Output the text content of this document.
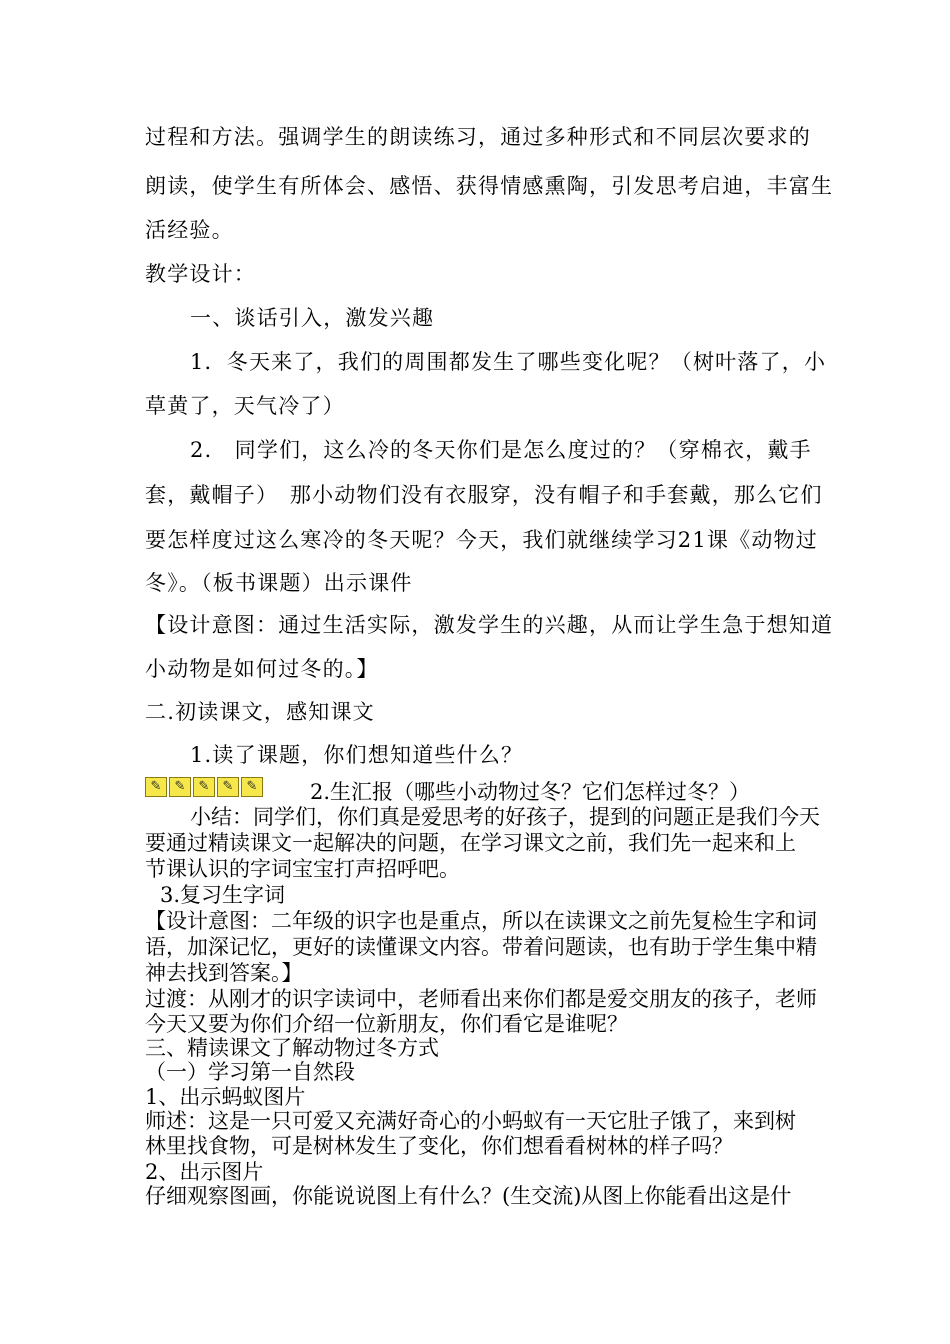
过程和方法。强调学生的朗读练习，通过多种形式和不同层次要求的
朗读，使学生有所体会、感悟、获得情感熏陶，引发思考启迪，丰富生
活经验。
教学设计：
一、谈话引入，激发兴趣
1．冬天来了，我们的周围都发生了哪些变化呢？（树叶落了，小
草黄了，天气冷了）
2.　同学们，这么冷的冬天你们是怎么度过的？（穿棉衣，戴手
套，戴帽子）　那小动物们没有衣服穿，没有帽子和手套戴，那么它们
要怎样度过这么寒冷的冬天呢？今天，我们就继续学习21课《动物过
冬》。（板书课题）出示课件
【设计意图：通过生活实际，激发学生的兴趣，从而让学生急于想知道
小动物是如何过冬的。】
二.初读课文，感知课文
1.读了课题，你们想知道些什么？
✎	✎	✎	✎	✎	2.生汇报（哪些小动物过冬？它们怎样过冬？）
小结：同学们，你们真是爱思考的好孩子，提到的问题正是我们今天
要通过精读课文一起解决的问题，在学习课文之前，我们先一起来和上
节课认识的字词宝宝打声招呼吧。
3.复习生字词
【设计意图：二年级的识字也是重点，所以在读课文之前先复检生字和词
语，加深记忆，更好的读懂课文内容。带着问题读，也有助于学生集中精
神去找到答案。】
过渡：从刚才的识字读词中，老师看出来你们都是爱交朋友的孩子，老师
今天又要为你们介绍一位新朋友，你们看它是谁呢？
三、精读课文了解动物过冬方式
（一）学习第一自然段
1、出示蚂蚁图片
师述：这是一只可爱又充满好奇心的小蚂蚁有一天它肚子饿了，来到树
林里找食物，可是树林发生了变化，你们想看看树林的样子吗？
2、出示图片
仔细观察图画，你能说说图上有什么？(生交流)从图上你能看出这是什
